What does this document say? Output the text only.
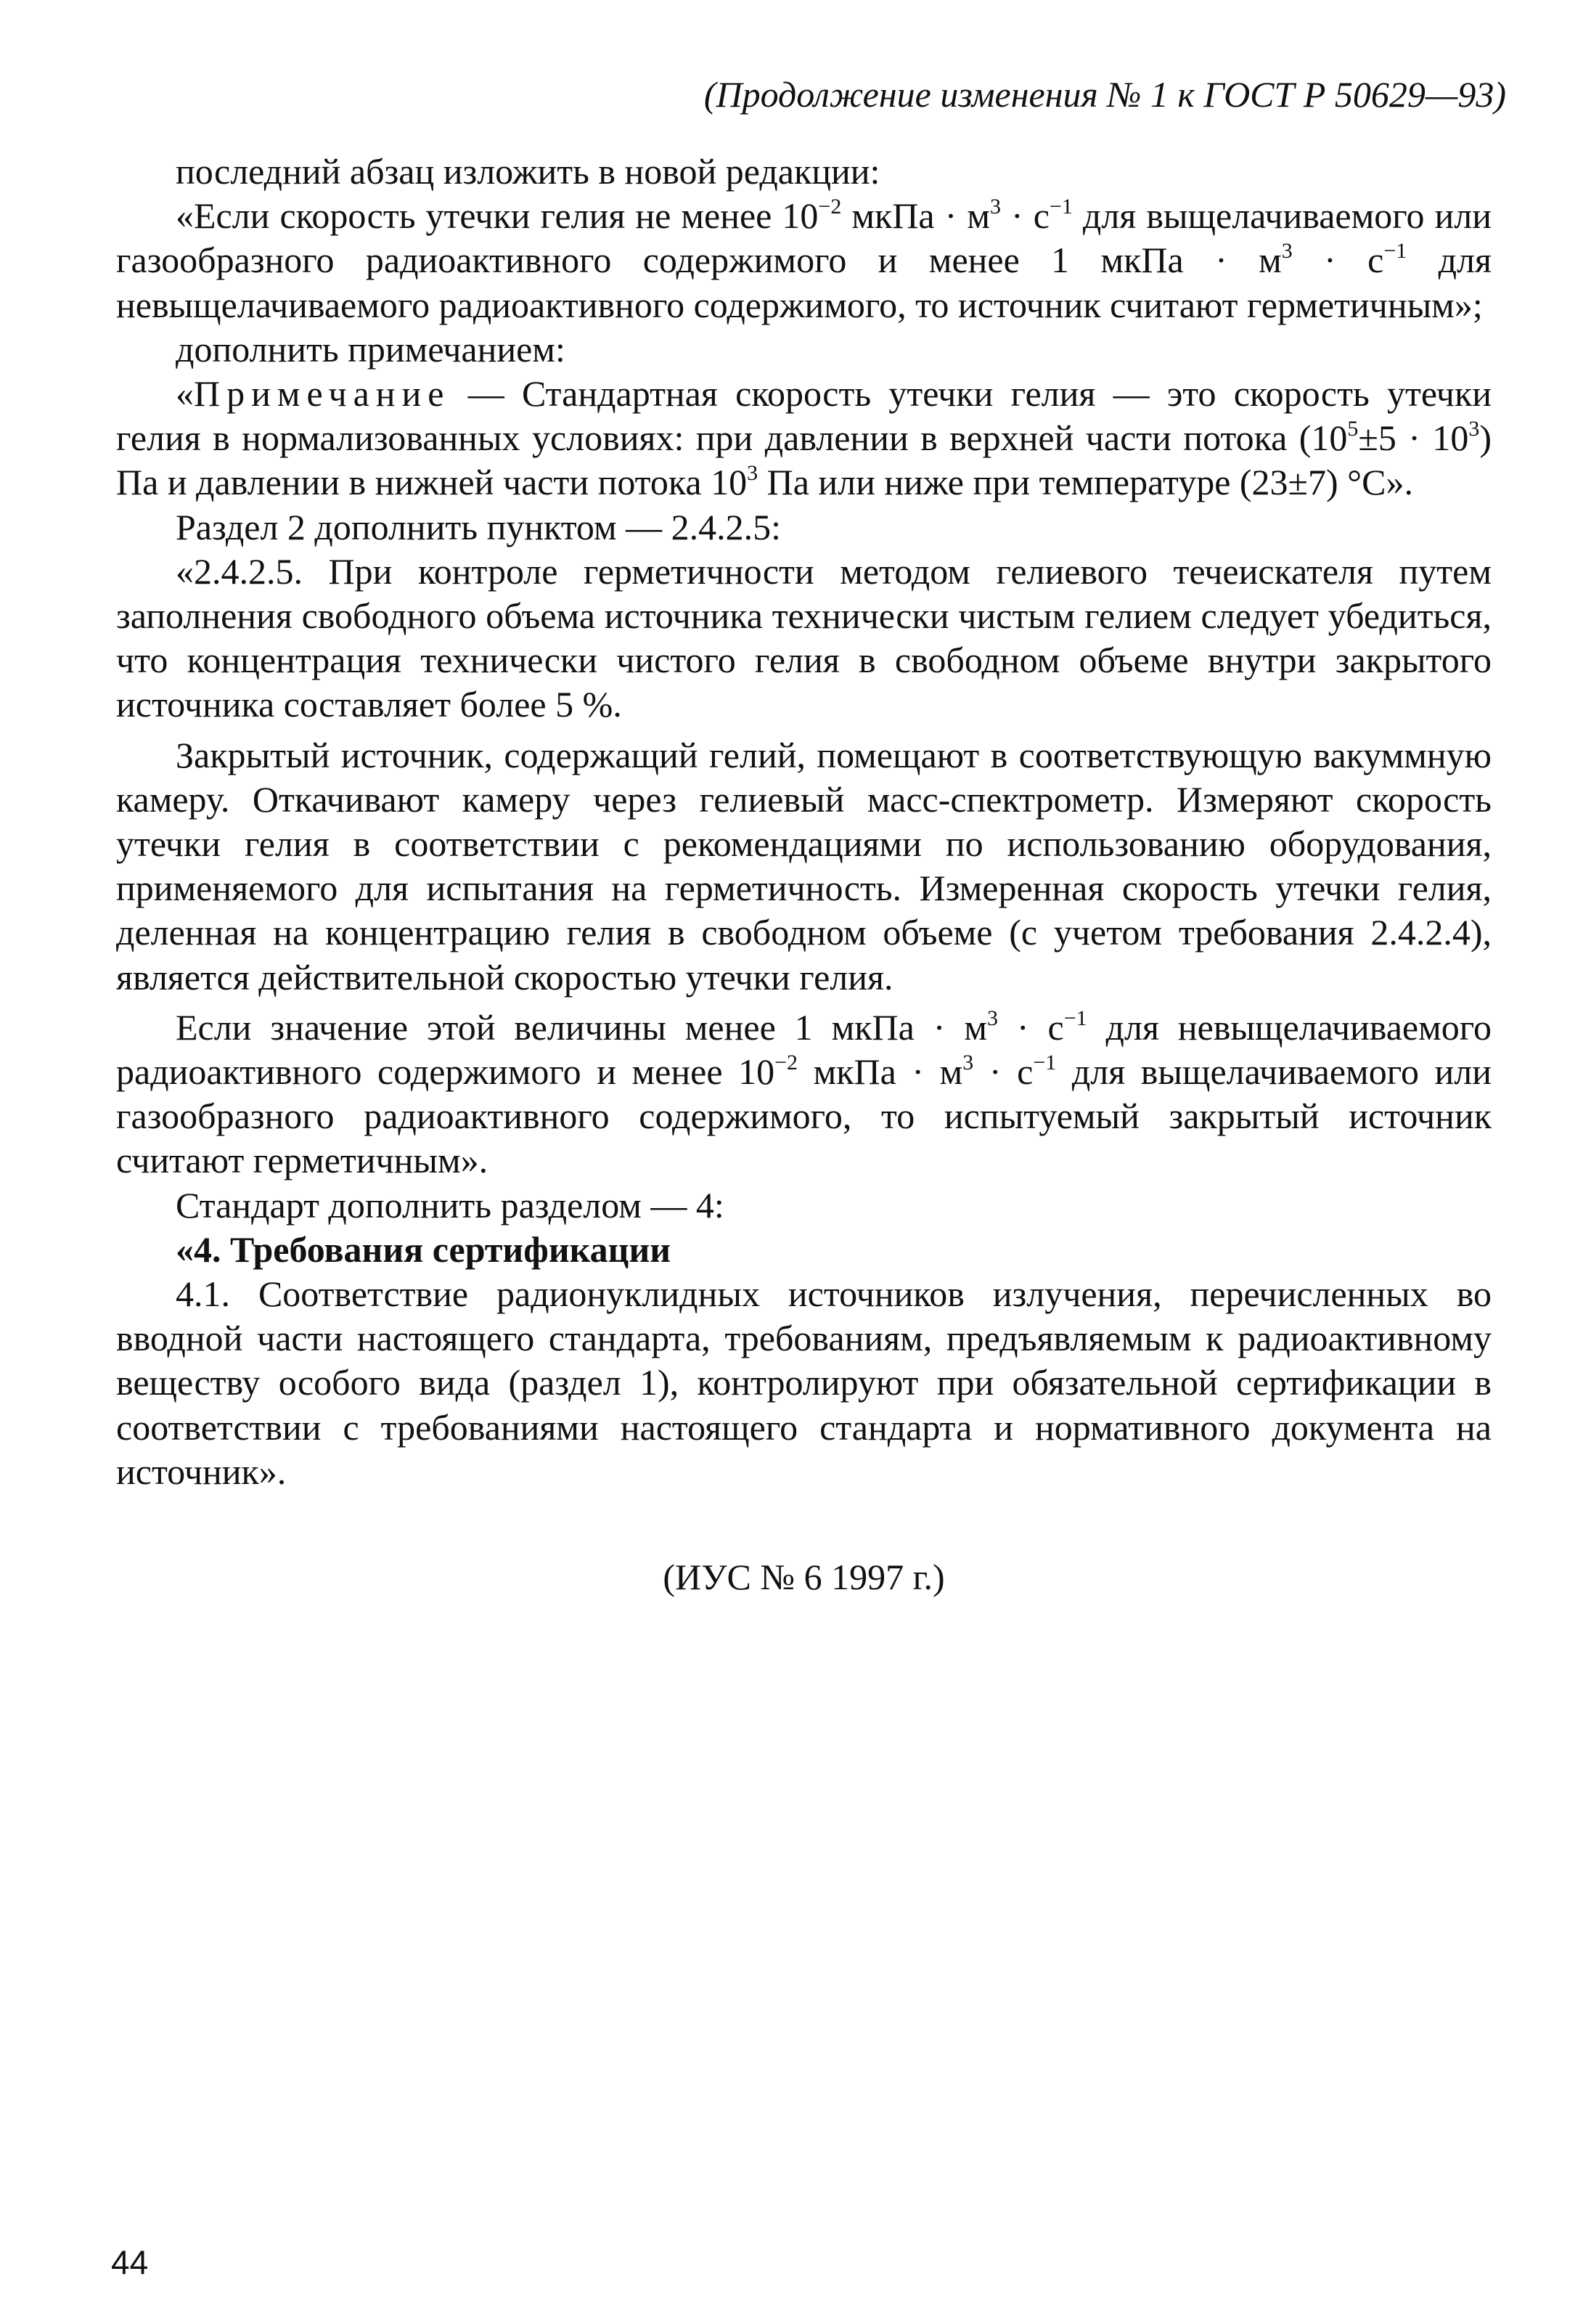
(Продолжение изменения № 1 к ГОСТ Р 50629—93)

последний абзац изложить в новой редакции:

«Если скорость утечки гелия не менее $10^{-2}$ мкПа · $м^3 \cdot с^{-1}$ для выщелачиваемого или газообразного радиоактивного содержимого и менее 1 мкПа · $м^3 \cdot с^{-1}$ для невыщелачиваемого радиоактивного содержимого, то источник считают герметичным»;

дополнить примечанием:

«Примечание — Стандартная скорость утечки гелия — это скорость утечки гелия в нормализованных условиях: при давлении в верхней части потока $(10^5\pm 5 \cdot 10^3)$ Па и давлении в нижней части потока $10^3$ Па или ниже при температуре (23±7) °С».

Раздел 2 дополнить пунктом — 2.4.2.5:

«2.4.2.5. При контроле герметичности методом гелиевого течеискателя путем заполнения свободного объема источника технически чистым гелием следует убедиться, что концентрация технически чистого гелия в свободном объеме внутри закрытого источника составляет более 5 %.

Закрытый источник, содержащий гелий, помещают в соответствующую вакуммную камеру. Откачивают камеру через гелиевый масс-спектрометр. Измеряют скорость утечки гелия в соответствии с рекомендациями по использованию оборудования, применяемого для испытания на герметичность. Измеренная скорость утечки гелия, деленная на концентрацию гелия в свободном объеме (с учетом требования 2.4.2.4), является действительной скоростью утечки гелия.

Если значение этой величины менее 1 мкПа · $м^3 \cdot с^{-1}$ для невыщелачиваемого радиоактивного содержимого и менее $10^{-2}$ мкПа · $м^3 \cdot с^{-1}$ для выщелачиваемого или газообразного радиоактивного содержимого, то испытуемый закрытый источник считают герметичным».

Стандарт дополнить разделом — 4:

«4. Требования сертификации

4.1. Соответствие радионуклидных источников излучения, перечисленных во вводной части настоящего стандарта, требованиям, предъявляемым к радиоактивному веществу особого вида (раздел 1), контролируют при обязательной сертификации в соответствии с требованиями настоящего стандарта и нормативного документа на источник».

(ИУС № 6 1997 г.)
44
